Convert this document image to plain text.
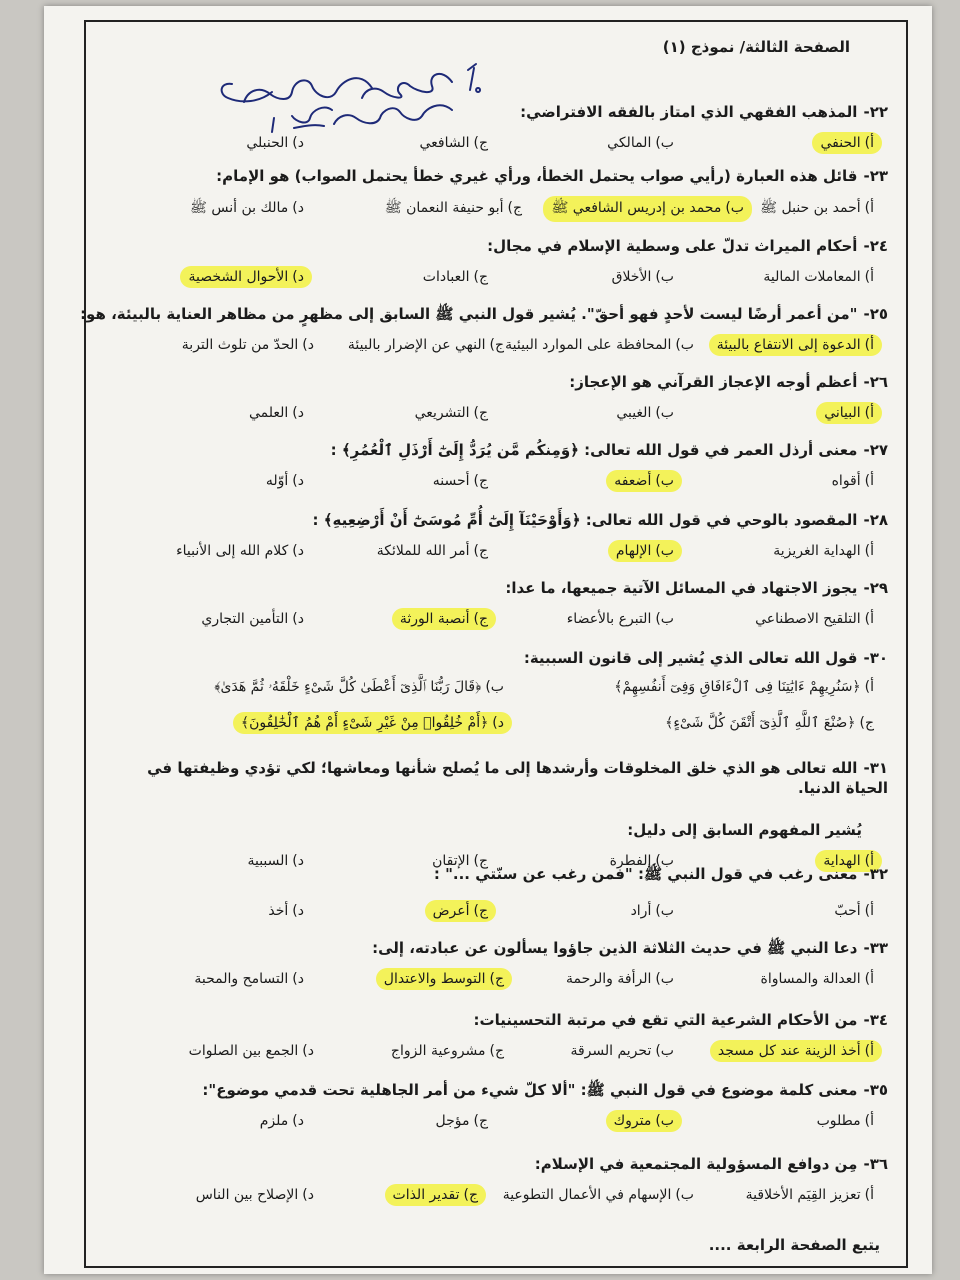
الصفحة الثالثة/ نموذج (١)
٢٢-المذهب الفقهي الذي امتاز بالفقه الافتراضي:
أ)الحنفي
ب)المالكي
ج)الشافعي
د)الحنبلي
٢٣-قائل هذه العبارة (رأيي صواب يحتمل الخطأ، ورأي غيري خطأ يحتمل الصواب) هو الإمام:
أ)أحمد بن حنبل ﷺ
ب)محمد بن إدريس الشافعي ﷺ
ج)أبو حنيفة النعمان ﷺ
د)مالك بن أنس ﷺ
٢٤-أحكام الميراث تدلّ على وسطية الإسلام في مجال:
أ)المعاملات المالية
ب)الأخلاق
ج)العبادات
د)الأحوال الشخصية
٢٥-"من أعمر أرضًا ليست لأحدٍ فهو أحقّ". يُشير قول النبي ﷺ السابق إلى مظهرٍ من مظاهر العناية بالبيئة، هو:
أ)الدعوة إلى الانتفاع بالبيئة
ب)المحافظة على الموارد البيئية
ج)النهي عن الإضرار بالبيئة
د)الحدّ من تلوث التربة
٢٦-أعظم أوجه الإعجاز القرآني هو الإعجاز:
أ)البياني
ب)الغيبي
ج)التشريعي
د)العلمي
٢٧-معنى أرذل العمر في قول الله تعالى: ﴿وَمِنكُم مَّن يُرَدُّ إِلَىٰٓ أَرْذَلِ ٱلْعُمُرِ﴾ :
أ)أقواه
ب)أضعفه
ج)أحسنه
د)أوّله
٢٨-المقصود بالوحي في قول الله تعالى: ﴿وَأَوْحَيْنَآ إِلَىٰٓ أُمِّ مُوسَىٰٓ أَنْ أَرْضِعِيهِ﴾ :
أ)الهداية الغريزية
ب)الإلهام
ج)أمر الله للملائكة
د)كلام الله إلى الأنبياء
٢٩-يجوز الاجتهاد في المسائل الآتية جميعها، ما عدا:
أ)التلقيح الاصطناعي
ب)التبرع بالأعضاء
ج)أنصبة الورثة
د)التأمين التجاري
٣٠-قول الله تعالى الذي يُشير إلى قانون السببية:
أ)﴿سَنُرِيهِمْ ءَايَٰتِنَا فِى ٱلْءَافَاقِ وَفِىٓ أَنفُسِهِمْ﴾
ب)﴿قَالَ رَبُّنَا ٱلَّذِىٓ أَعْطَىٰ كُلَّ شَىْءٍ خَلْقَهُۥ ثُمَّ هَدَىٰ﴾
ج)﴿صُنْعَ ٱللَّهِ ٱلَّذِىٓ أَتْقَنَ كُلَّ شَىْءٍ﴾
د)﴿أَمْ خُلِقُوا۟ مِنْ غَيْرِ شَىْءٍ أَمْ هُمُ ٱلْخَٰلِقُونَ﴾
٣١-الله تعالى هو الذي خلق المخلوقات وأرشدها إلى ما يُصلح شأنها ومعاشها؛ لكي تؤدي وظيفتها في الحياة الدنيا.
يُشير المفهوم السابق إلى دليل:
أ)الهداية
ب)الفطرة
ج)الإتقان
د)السببية
٣٢-معنى رغب في قول النبي ﷺ: "فمن رغب عن سنّتي ..." :
أ)أحبّ
ب)أراد
ج)أعرض
د)أخذ
٣٣-دعا النبي ﷺ في حديث الثلاثة الذين جاؤوا يسألون عن عبادته، إلى:
أ)العدالة والمساواة
ب)الرأفة والرحمة
ج)التوسط والاعتدال
د)التسامح والمحبة
٣٤-من الأحكام الشرعية التي تقع في مرتبة التحسينيات:
أ)أخذ الزينة عند كل مسجد
ب)تحريم السرقة
ج)مشروعية الزواج
د)الجمع بين الصلوات
٣٥-معنى كلمة موضوع في قول النبي ﷺ: "ألا كلّ شيء من أمر الجاهلية تحت قدمي موضوع":
أ)مطلوب
ب)متروك
ج)مؤجل
د)ملزم
٣٦-مِن دوافع المسؤولية المجتمعية في الإسلام:
أ)تعزيز القِيَم الأخلاقية
ب)الإسهام في الأعمال التطوعية
ج)تقدير الذات
د)الإصلاح بين الناس
يتبع الصفحة الرابعة ....
